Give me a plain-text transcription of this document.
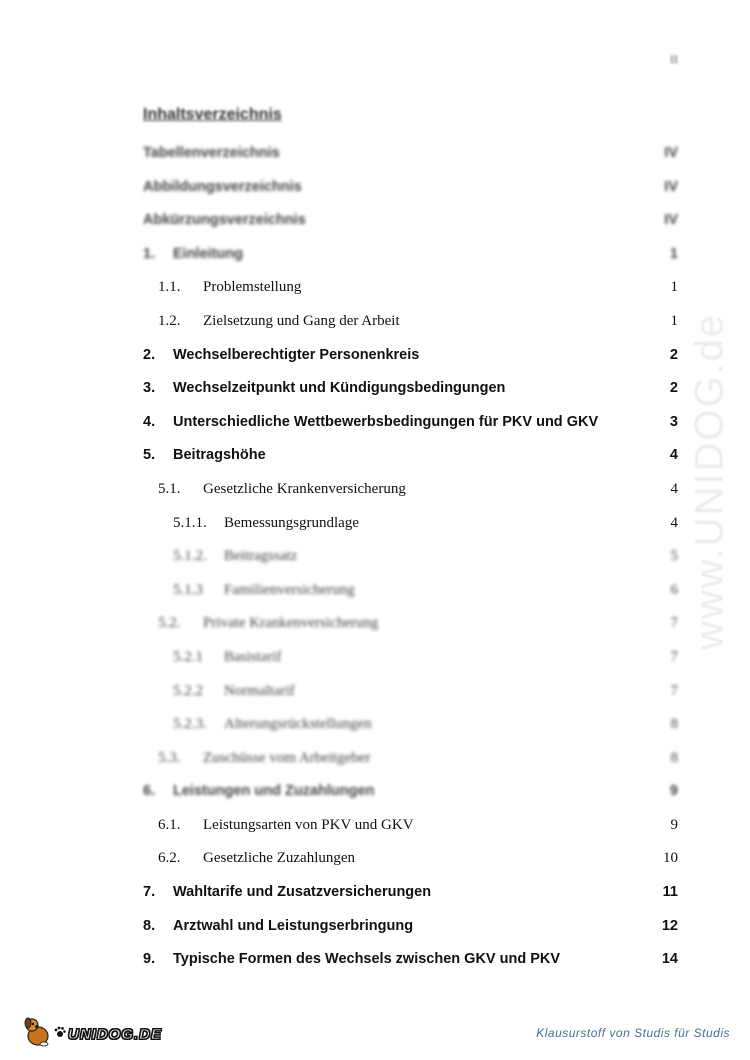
II
www.UNIDOG.de
Inhaltsverzeichnis
Tabellenverzeichnis	IV
Abbildungsverzeichnis	IV
Abkürzungsverzeichnis	IV
1. Einleitung	1
1.1. Problemstellung	1
1.2. Zielsetzung und Gang der Arbeit	1
2. Wechselberechtigter Personenkreis	2
3. Wechselzeitpunkt und Kündigungsbedingungen	2
4. Unterschiedliche Wettbewerbsbedingungen für PKV und GKV	3
5. Beitragshöhe	4
5.1. Gesetzliche Krankenversicherung	4
5.1.1. Bemessungsgrundlage	4
5.1.2. Beitragssatz	5
5.1.3 Familienversicherung	6
5.2. Private Krankenversicherung	7
5.2.1 Basistarif	7
5.2.2 Normaltarif	7
5.2.3. Alterungsrückstellungen	8
5.3. Zuschüsse vom Arbeitgeber	8
6. Leistungen und Zuzahlungen	9
6.1. Leistungsarten von PKV und GKV	9
6.2. Gesetzliche Zuzahlungen	10
7. Wahltarife und Zusatzversicherungen	11
8. Arztwahl und Leistungserbringung	12
9. Typische Formen des Wechsels zwischen GKV und PKV	14
UNIDOG.DE	Klausurstoff von Studis für Studis
